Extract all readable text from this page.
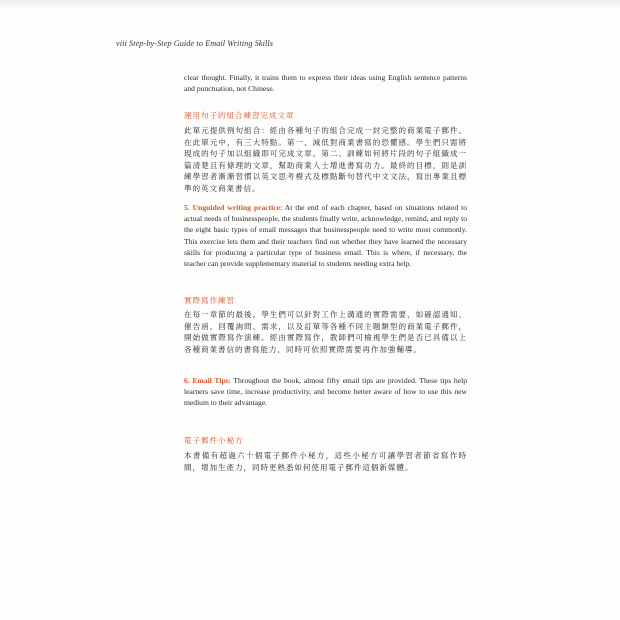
viii Step-by-Step Guide to Email Writing Skills

clear thought. Finally, it trains them to express their ideas using English sentence patterns and punctuation, not Chinese.

運用句子的組合練習完成文章

此單元提供例句組合：經由各種句子的組合完成一封完整的商業電子郵件。在此單元中，有三大特點。第一、減低對商業書寫的恐懼感。學生們只需將現成的句子加以組織即可完成文章。第二、訓練如何將片段的句子組織成一篇清楚且有條理的文章，幫助商業人士增進書寫功力。最終的目標，則是訓練學習者漸漸習慣以英文思考模式及標點斷句替代中文文法，寫出專業且標準的英文商業書信。

5. Unguided writing practice: At the end of each chapter, based on situations related to actual needs of businesspeople, the students finally write, acknowledge, remind, and reply to the eight basic types of email messages that businesspeople need to write most commonly. This exercise lets them and their teachers find out whether they have learned the necessary skills for producing a particular type of business email. This is where, if necessary, the teacher can provide supplementary material to students needing extra help.

實際寫作練習

在每一章節的最後，學生們可以針對工作上溝通的實際需要，如確認通知、催告函、回覆詢問、需求，以及訂單等各種不同主題類型的商業電子郵件，開始做實際寫作演練。經由實際寫作，教師們可檢視學生們是否已具備以上各種商業書信的書寫能力，同時可依照實際需要再作加強輔導。

6. Email Tips: Throughout the book, almost fifty email tips are provided. These tips help learners save time, increase productivity, and become better aware of how to use this new medium to their advantage.

電子郵件小秘方

本書備有超過六十個電子郵件小秘方，這些小秘方可讓學習者節省寫作時間，增加生產力，同時更熟悉如何使用電子郵件這個新媒體。
